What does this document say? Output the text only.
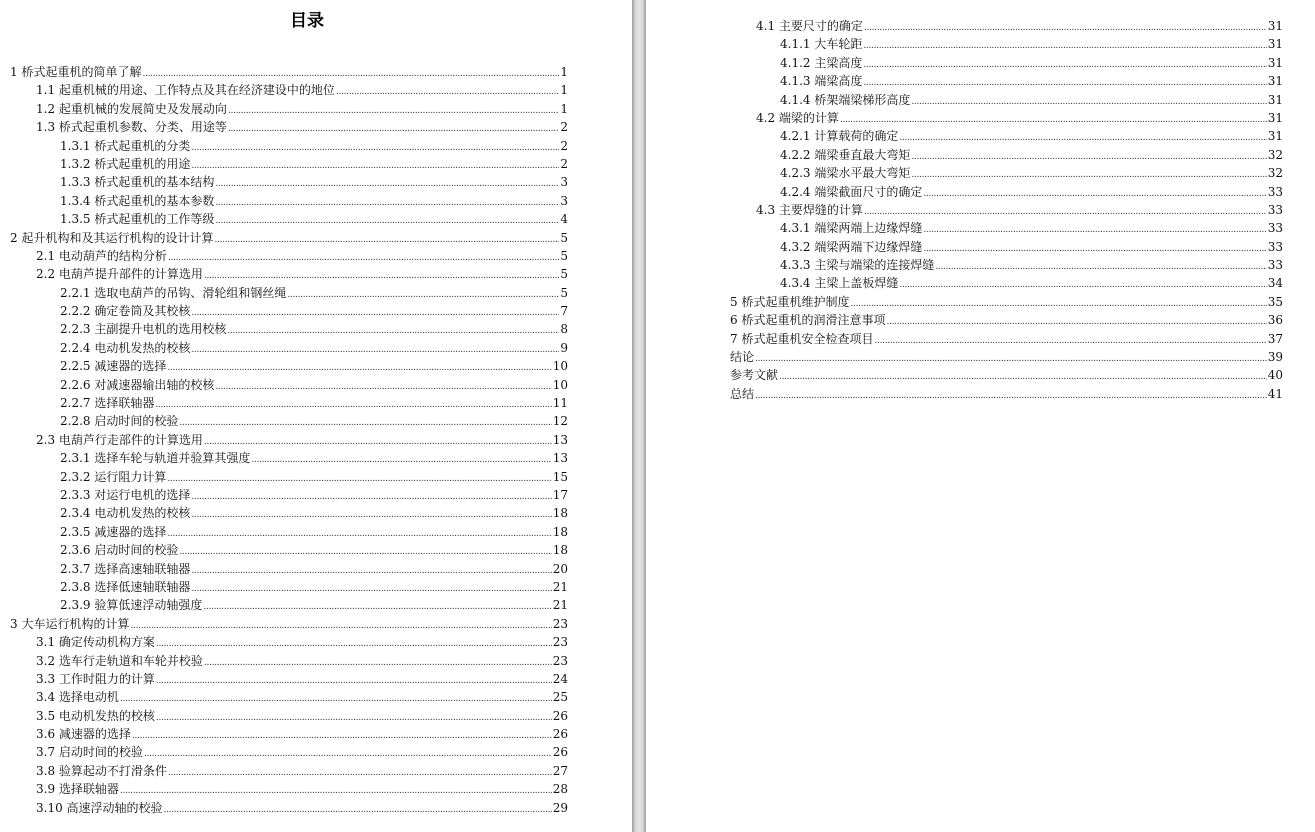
目录
1 桥式起重机的简单了解 .....	1
1.1 起重机械的用途、工作特点及其在经济建设中的地位 .....	1
1.2 起重机械的发展简史及发展动向 .....	1
1.3 桥式起重机参数、分类、用途等 .....	2
1.3.1 桥式起重机的分类 .....	2
1.3.2 桥式起重机的用途 .....	2
1.3.3 桥式起重机的基本结构 .....	3
1.3.4 桥式起重机的基本参数 .....	3
1.3.5 桥式起重机的工作等级 .....	4
2 起升机构和及其运行机构的设计计算 .....	5
2.1 电动葫芦的结构分析 .....	5
2.2 电葫芦提升部件的计算选用 .....	5
2.2.1 选取电葫芦的吊钩、滑轮组和钢丝绳 .....	5
2.2.2 确定卷筒及其校核 .....	7
2.2.3 主副提升电机的选用校核 .....	8
2.2.4 电动机发热的校核 .....	9
2.2.5 减速器的选择 .....	10
2.2.6 对减速器输出轴的校核 .....	10
2.2.7 选择联轴器 .....	11
2.2.8 启动时间的校验 .....	12
2.3 电葫芦行走部件的计算选用 .....	13
2.3.1 选择车轮与轨道并验算其强度 .....	13
2.3.2 运行阻力计算 .....	15
2.3.3 对运行电机的选择 .....	17
2.3.4 电动机发热的校核 .....	18
2.3.5 减速器的选择 .....	18
2.3.6 启动时间的校验 .....	18
2.3.7 选择高速轴联轴器 .....	20
2.3.8 选择低速轴联轴器 .....	21
2.3.9 验算低速浮动轴强度 .....	21
3 大车运行机构的计算 .....	23
3.1 确定传动机构方案 .....	23
3.2 选车行走轨道和车轮并校验 .....	23
3.3 工作时阻力的计算 .....	24
3.4 选择电动机 .....	25
3.5 电动机发热的校核 .....	26
3.6 减速器的选择 .....	26
3.7 启动时间的校验 .....	26
3.8 验算起动不打滑条件 .....	27
3.9 选择联轴器 .....	28
3.10 高速浮动轴的校验 .....	29
4.1 主要尺寸的确定 .....	31
4.1.1 大车轮距 .....	31
4.1.2 主梁高度 .....	31
4.1.3 端梁高度 .....	31
4.1.4 桥架端梁梯形高度 .....	31
4.2 端梁的计算 .....	31
4.2.1 计算载荷的确定 .....	31
4.2.2 端梁垂直最大弯矩 .....	32
4.2.3 端梁水平最大弯矩 .....	32
4.2.4 端梁截面尺寸的确定 .....	33
4.3 主要焊缝的计算 .....	33
4.3.1 端梁两端上边缘焊缝 .....	33
4.3.2 端梁两端下边缘焊缝 .....	33
4.3.3 主梁与端梁的连接焊缝 .....	33
4.3.4 主梁上盖板焊缝 .....	34
5 桥式起重机维护制度 .....	35
6 桥式起重机的润滑注意事项 .....	36
7 桥式起重机安全检查项目 .....	37
结论 .....	39
参考文献 .....	40
总结 .....	41
